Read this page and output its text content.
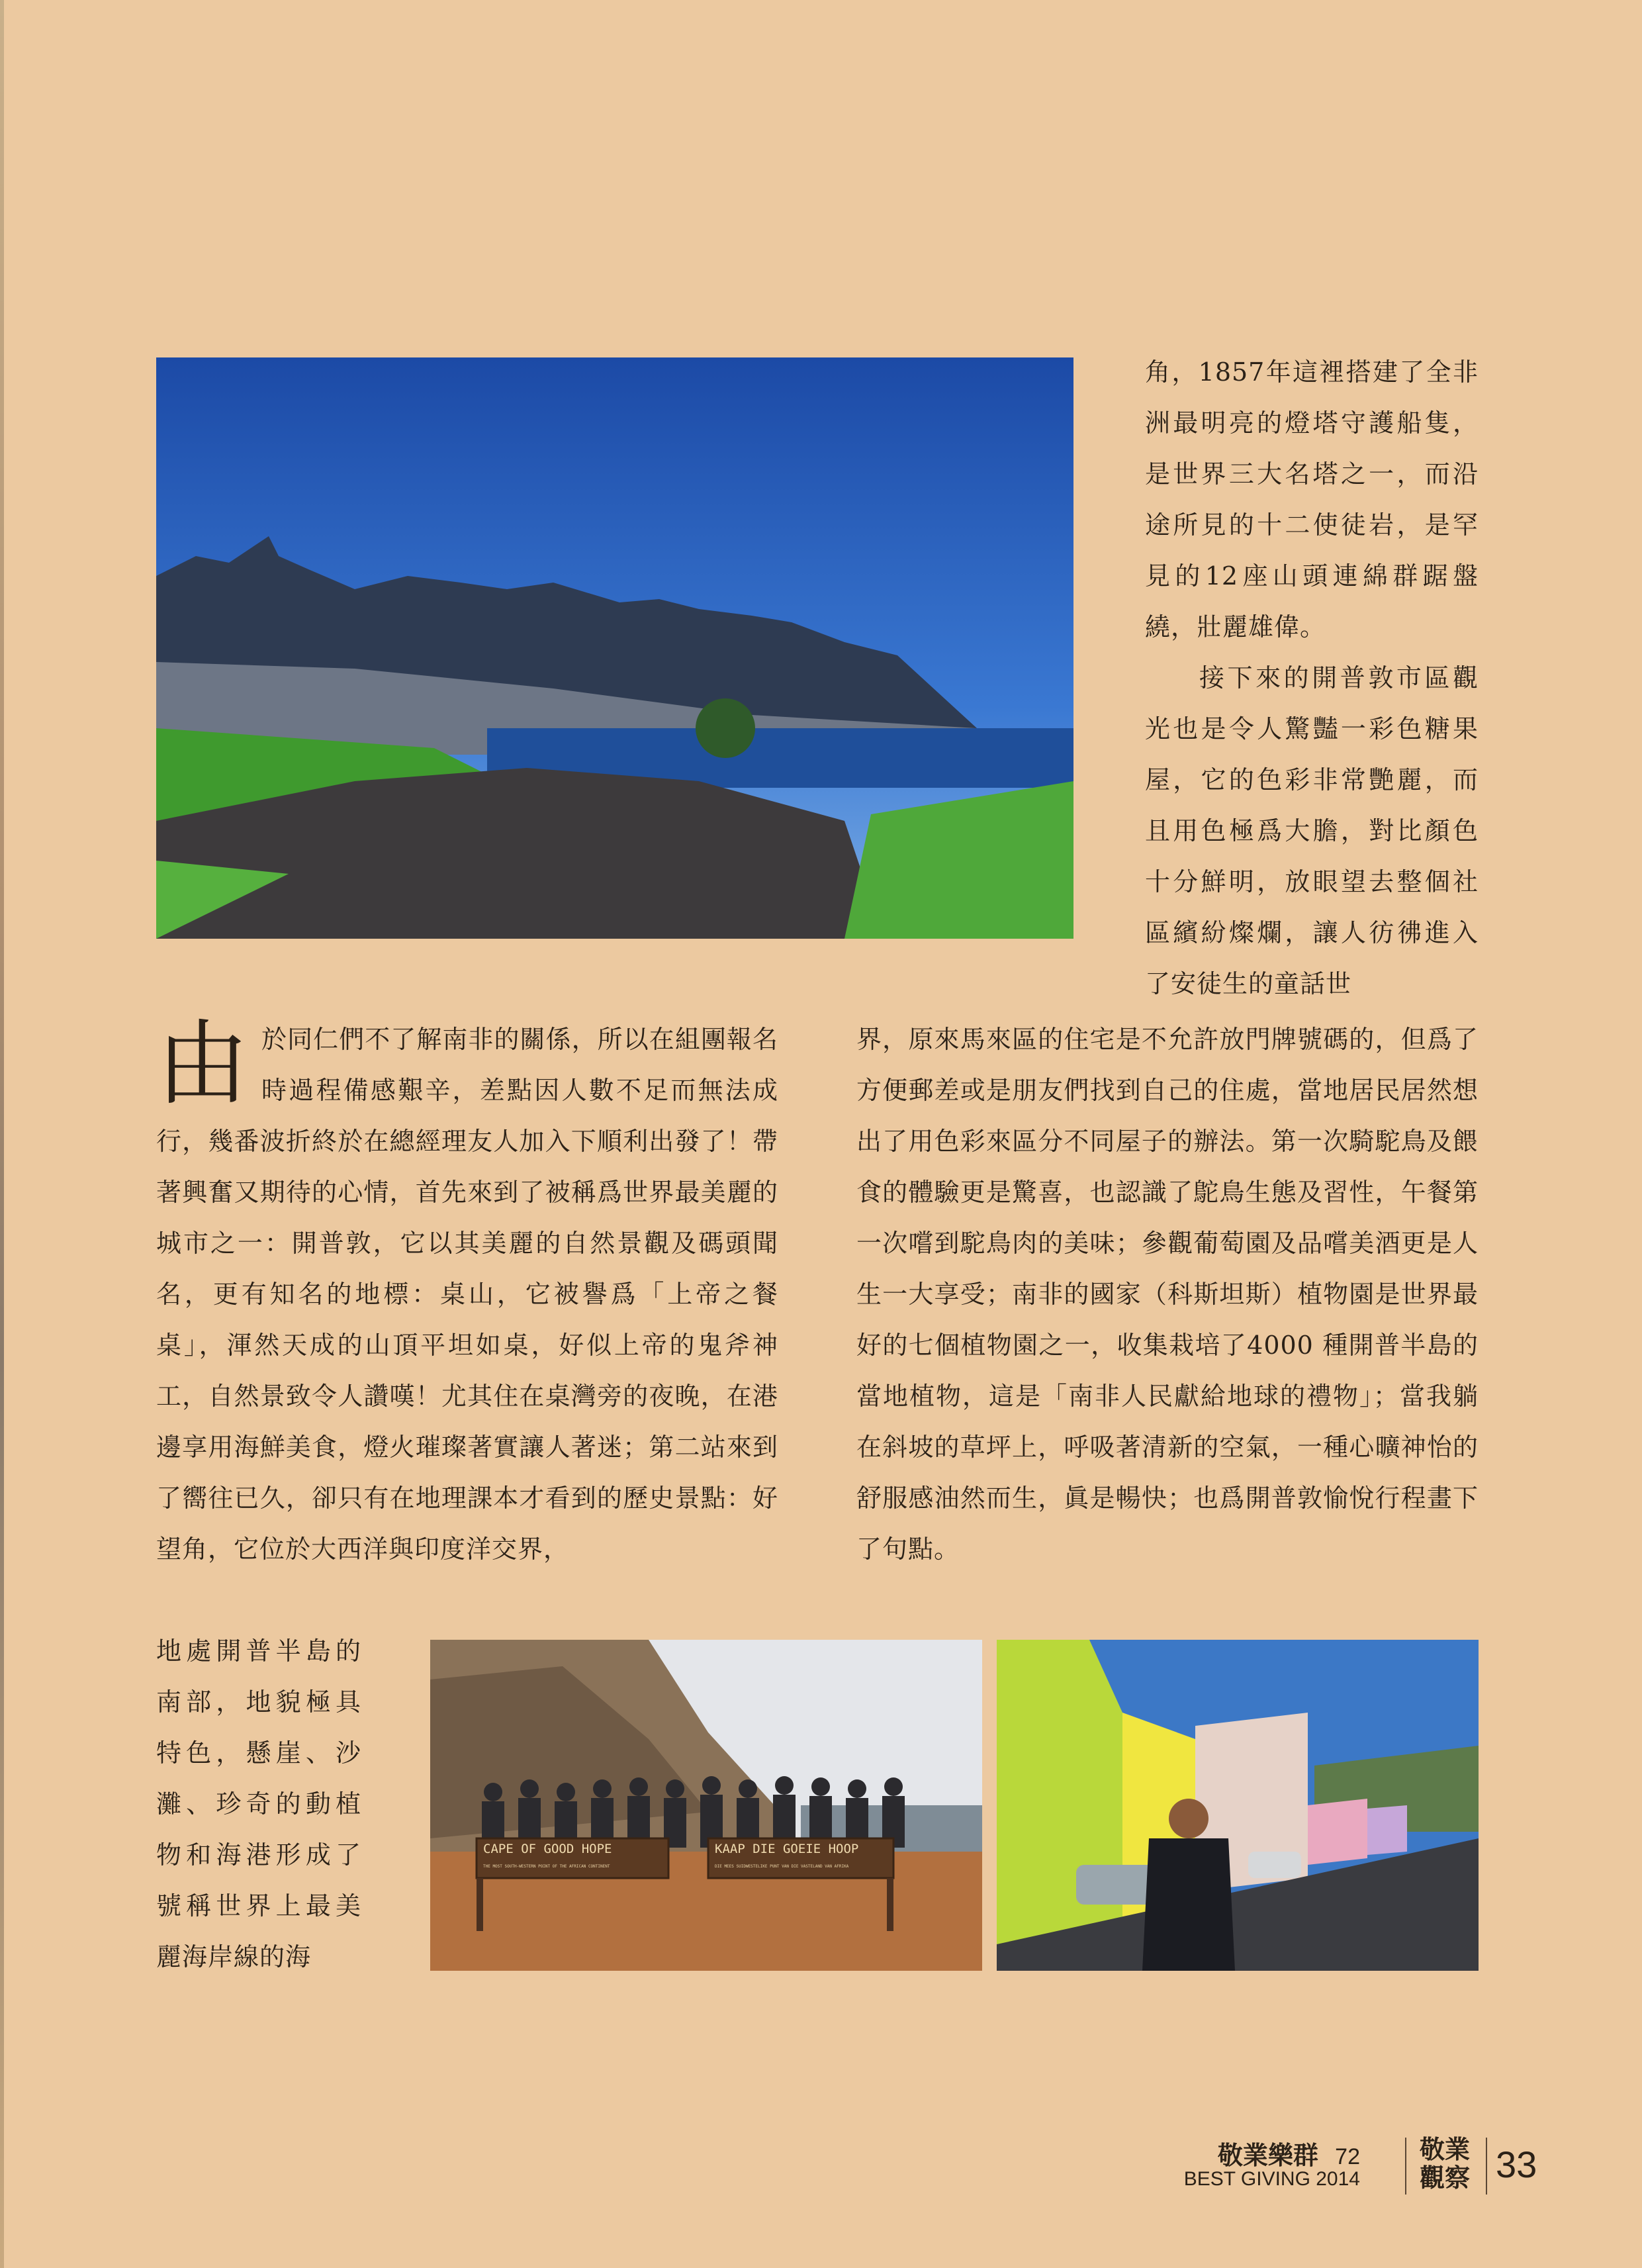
角，1857年這裡搭建了全非洲最明亮的燈塔守護船隻，是世界三大名塔之一，而沿途所見的十二使徒岩，是罕見的12座山頭連綿群踞盤繞，壯麗雄偉。

接下來的開普敦市區觀光也是令人驚豔一彩色糖果屋，它的色彩非常艷麗，而且用色極爲大膽，對比顏色十分鮮明，放眼望去整個社區繽紛燦爛，讓人彷彿進入了安徒生的童話世

由 於同仁們不了解南非的關係，所以在組團報名時過程備感艱辛，差點因人數不足而無法成行，幾番波折終於在總經理友人加入下順利出發了！帶著興奮又期待的心情，首先來到了被稱爲世界最美麗的城市之一：開普敦，它以其美麗的自然景觀及碼頭聞名，更有知名的地標：桌山，它被譽爲「上帝之餐桌」，渾然天成的山頂平坦如桌，好似上帝的鬼斧神工，自然景致令人讚嘆！尤其住在桌灣旁的夜晚，在港邊享用海鮮美食，燈火璀璨著實讓人著迷；第二站來到了嚮往已久，卻只有在地理課本才看到的歷史景點：好望角，它位於大西洋與印度洋交界，

界，原來馬來區的住宅是不允許放門牌號碼的，但爲了方便郵差或是朋友們找到自己的住處，當地居民居然想出了用色彩來區分不同屋子的辦法。第一次騎駝鳥及餵食的體驗更是驚喜，也認識了鴕鳥生態及習性，午餐第一次嚐到駝鳥肉的美味；參觀葡萄園及品嚐美酒更是人生一大享受；南非的國家（科斯坦斯）植物園是世界最好的七個植物園之一，收集栽培了4000 種開普半島的當地植物，這是「南非人民獻給地球的禮物」；當我躺在斜坡的草坪上，呼吸著清新的空氣，一種心曠神怡的舒服感油然而生，眞是暢快；也爲開普敦愉悅行程畫下了句點。

地處開普半島的南部，地貌極具特色，懸崖、沙灘、珍奇的動植物和海港形成了號稱世界上最美麗海岸線的海

CAPE OF GOOD HOPE
THE MOST SOUTH-WESTERN POINT OF THE AFRICAN CONTINENT
KAAP DIE GOEIE HOOP
DIE MEES SUIDWESTELIKE PUNT VAN DIE VASTELAND VAN AFRIKA
敬業樂群 72
BEST GIVING 2014
敬業
觀察 33
